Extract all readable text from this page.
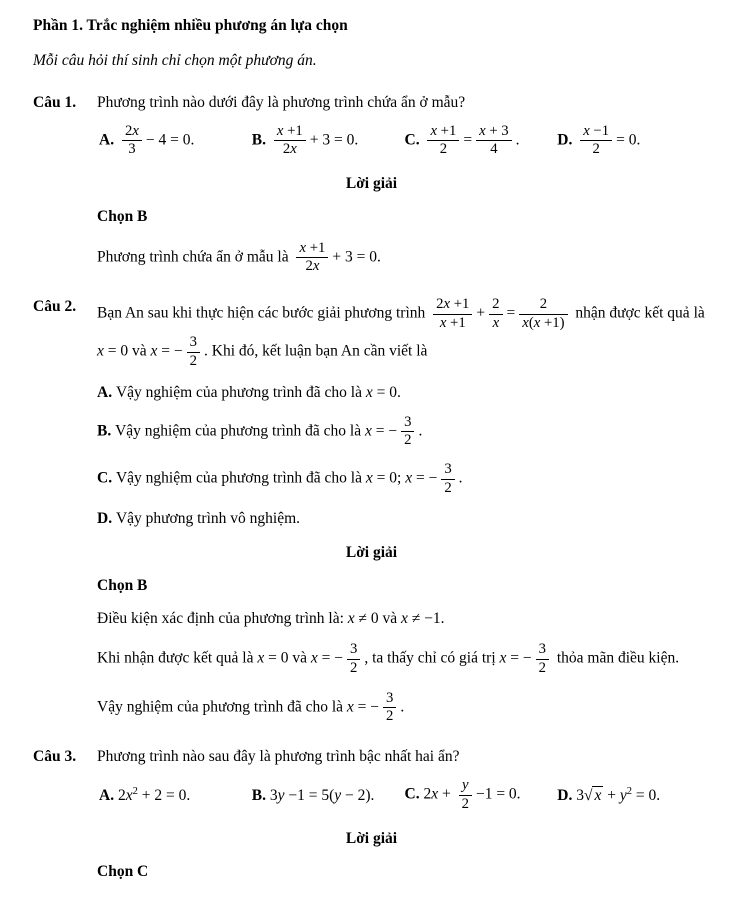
Phần 1. Trắc nghiệm nhiều phương án lựa chọn
Mỗi câu hỏi thí sinh chỉ chọn một phương án.
Câu 1.	Phương trình nào dưới đây là phương trình chứa ẩn ở mẫu?
A. $\frac{2x}{3} - 4 = 0$.	B. $\frac{x +1}{2x} + 3 = 0$.	C. $\frac{x +1}{2} = \frac{x + 3}{4}$ .	D. $\frac{x -1}{2} = 0$.
Lời giải
Chọn B
Phương trình chứa ẩn ở mẫu là $\frac{x +1}{2x} + 3 = 0$.
Câu 2.	Bạn An sau khi thực hiện các bước giải phương trình $\frac{2x +1}{x +1} + \frac{2}{x} = \frac{2}{x(x +1)}$ nhận được kết quả là x = 0 và x = − $\frac{3}{2}$ . Khi đó, kết luận bạn An cần viết là
A. Vậy nghiệm của phương trình đã cho là x = 0.
B. Vậy nghiệm của phương trình đã cho là x = − $\frac{3}{2}$ .
C. Vậy nghiệm của phương trình đã cho là x = 0; x = − $\frac{3}{2}$ .
D. Vậy phương trình vô nghiệm.
Lời giải
Chọn B
Điều kiện xác định của phương trình là: x ≠ 0 và x ≠ −1.
Khi nhận được kết quả là x = 0 và x = − $\frac{3}{2}$ , ta thấy chỉ có giá trị x = − $\frac{3}{2}$ thỏa mãn điều kiện.
Vậy nghiệm của phương trình đã cho là x = − $\frac{3}{2}$ .
Câu 3.	Phương trình nào sau đây là phương trình bậc nhất hai ẩn?
A. $2x^2 + 2 = 0$.	B. 3y −1 = 5(y − 2).	C. $2x + \frac{y}{2} -1 = 0$.	D. 3√ $x + y^2 = 0$.
Lời giải
Chọn C
